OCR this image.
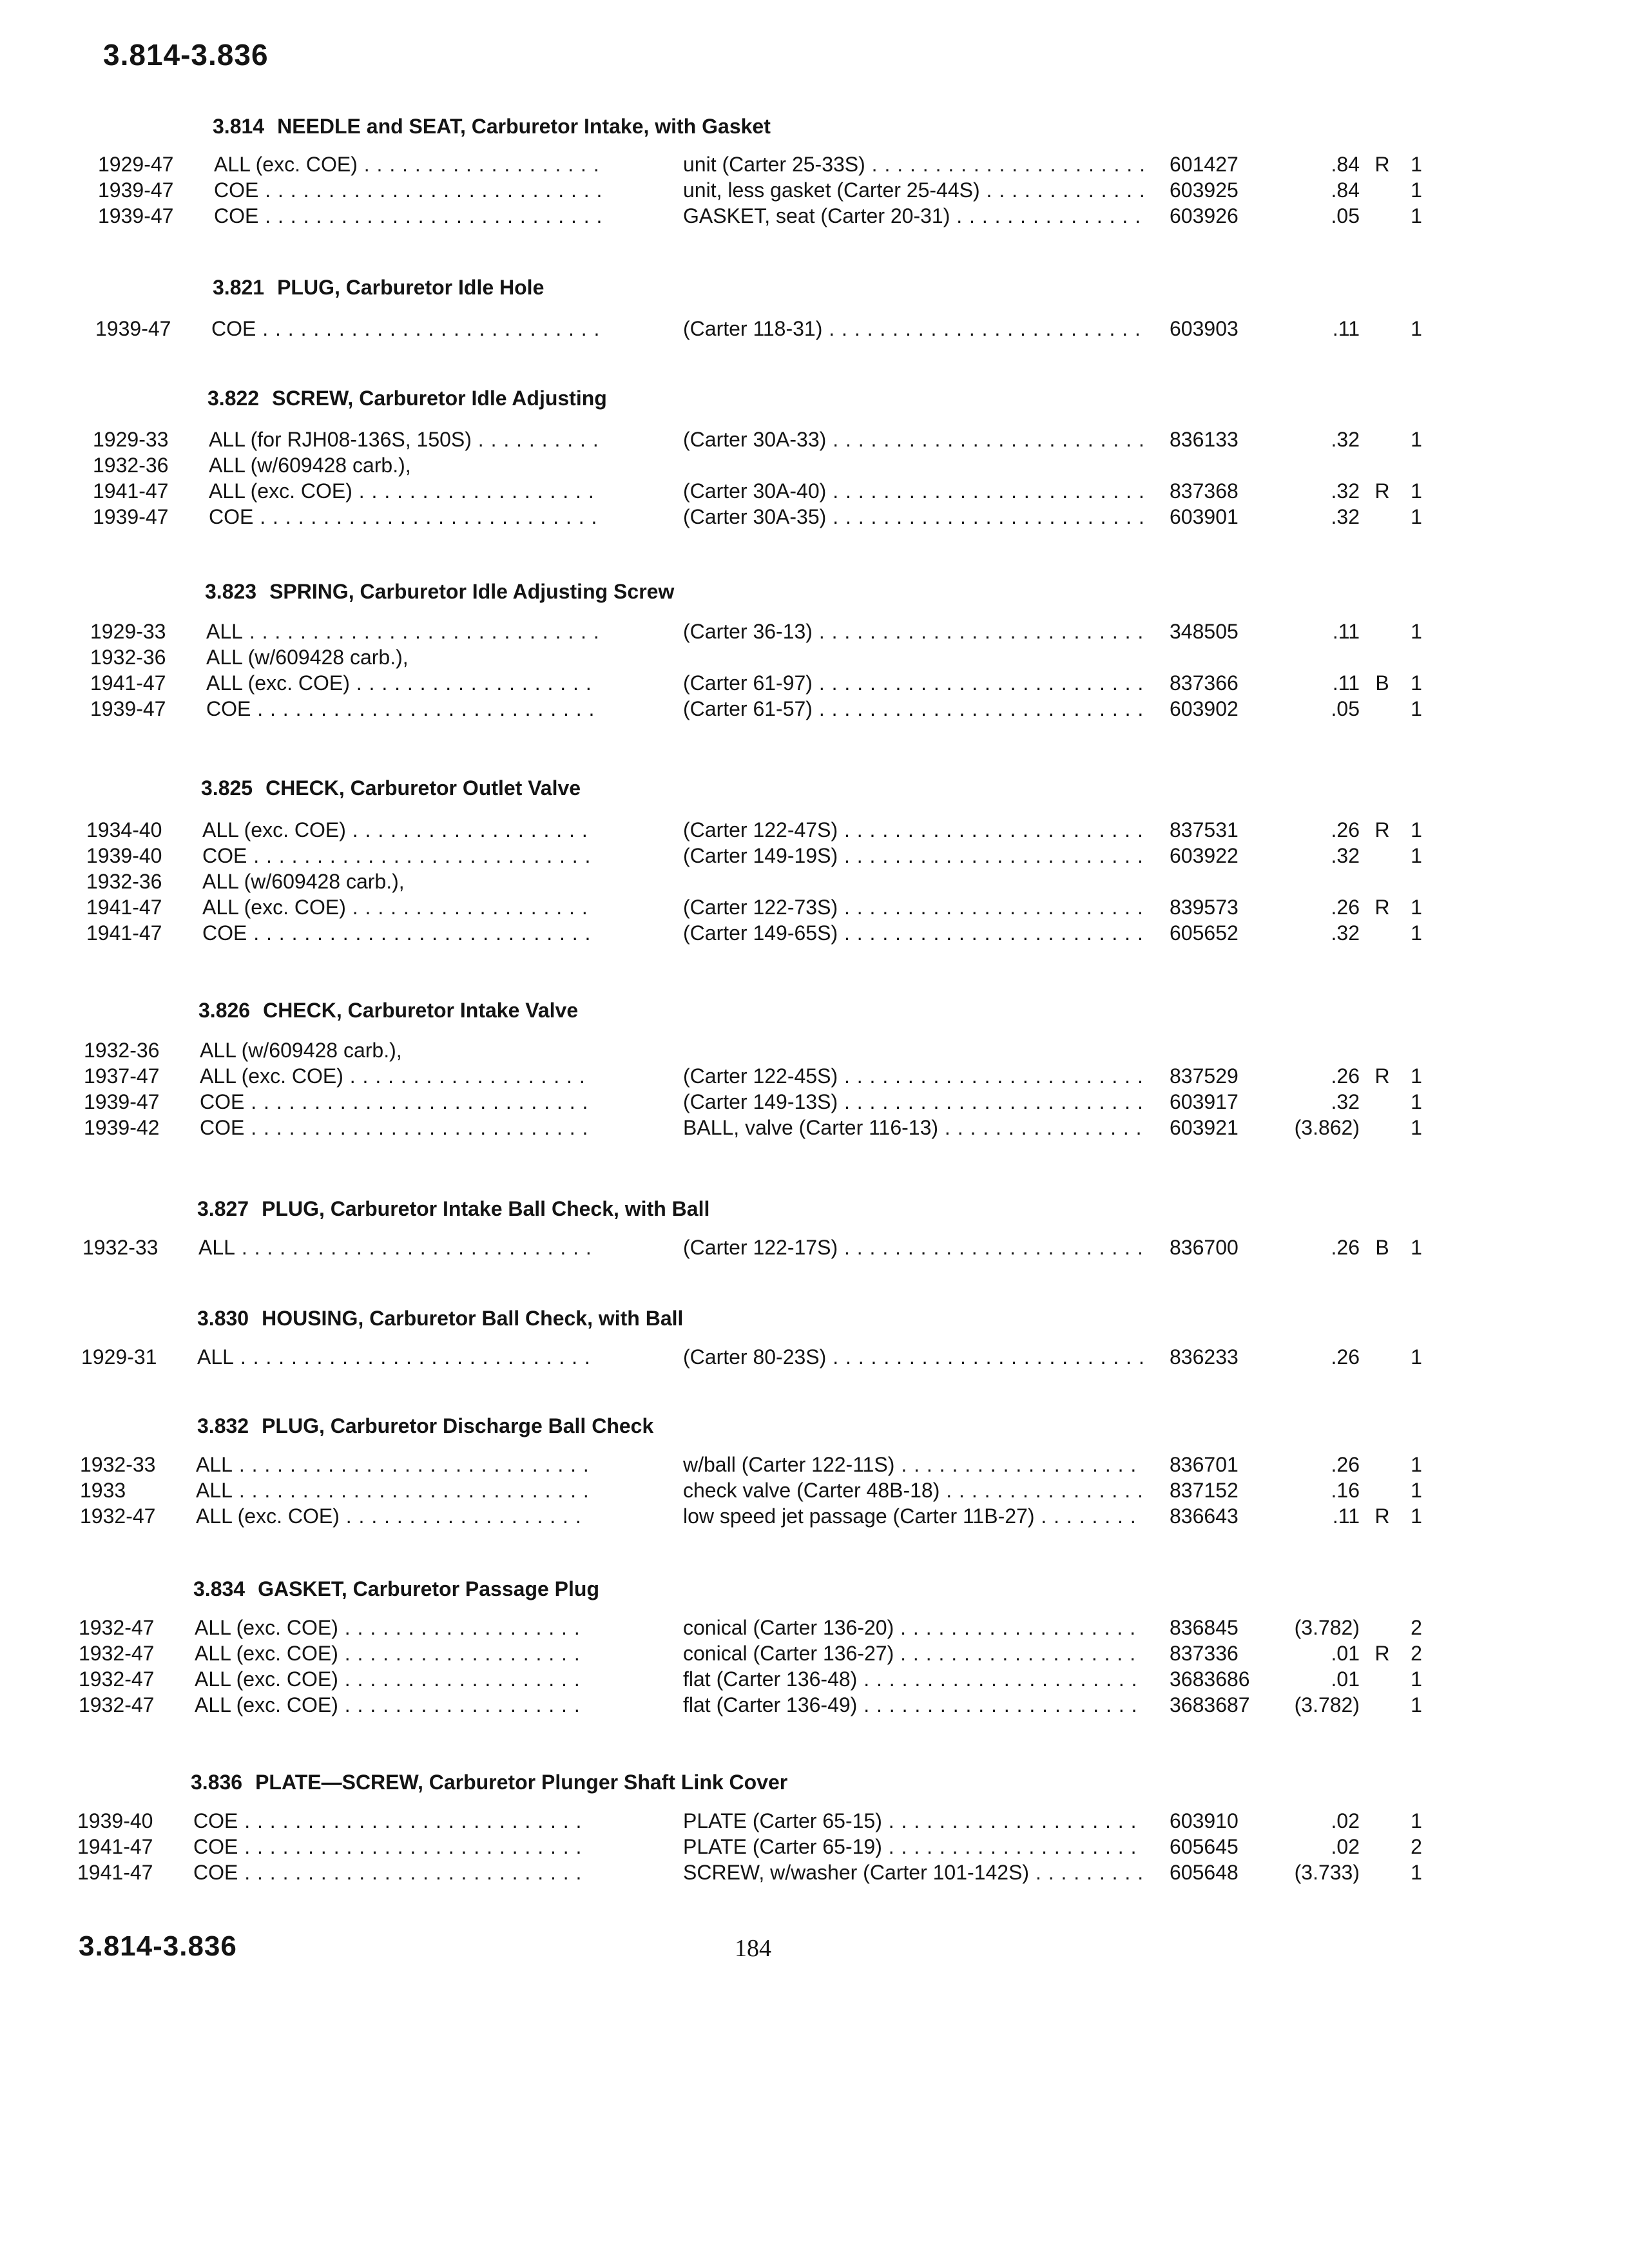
3.814-3.836
3.814 NEEDLE and SEAT, Carburetor Intake, with Gasket
1929-47 ALL (exc. COE) . . .	unit (Carter 25-33S) . . .	601427	.84 R	1
1939-47 COE . . .	unit, less gasket (Carter 25-44S) . . .	603925	.84	1
1939-47 COE . . .	GASKET, seat (Carter 20-31) . . .	603926	.05	1
3.821 PLUG, Carburetor Idle Hole
1939-47 COE . . .	(Carter 118-31) . . .	603903	.11	1
3.822 SCREW, Carburetor Idle Adjusting
1929-33 ALL (for RJH08-136S, 150S) . . .	(Carter 30A-33) . . .	836133	.32	1
1932-36 ALL (w/609428 carb.),
1941-47 ALL (exc. COE) . . .	(Carter 30A-40) . . .	837368	.32 R	1
1939-47 COE . . .	(Carter 30A-35) . . .	603901	.32	1
3.823 SPRING, Carburetor Idle Adjusting Screw
1929-33 ALL . . .	(Carter 36-13) . . .	348505	.11	1
1932-36 ALL (w/609428 carb.),
1941-47 ALL (exc. COE) . . .	(Carter 61-97) . . .	837366	.11 B	1
1939-47 COE . . .	(Carter 61-57) . . .	603902	.05	1
3.825 CHECK, Carburetor Outlet Valve
1934-40 ALL (exc. COE) . . .	(Carter 122-47S) . . .	837531	.26 R	1
1939-40 COE . . .	(Carter 149-19S) . . .	603922	.32	1
1932-36 ALL (w/609428 carb.),
1941-47 ALL (exc. COE) . . .	(Carter 122-73S) . . .	839573	.26 R	1
1941-47 COE . . .	(Carter 149-65S) . . .	605652	.32	1
3.826 CHECK, Carburetor Intake Valve
1932-36 ALL (w/609428 carb.),
1937-47 ALL (exc. COE) . . .	(Carter 122-45S) . . .	837529	.26 R	1
1939-47 COE . . .	(Carter 149-13S) . . .	603917	.32	1
1939-42 COE . . .	BALL, valve (Carter 116-13) . . .	603921	(3.862)	1
3.827 PLUG, Carburetor Intake Ball Check, with Ball
1932-33 ALL . . .	(Carter 122-17S) . . .	836700	.26 B	1
3.830 HOUSING, Carburetor Ball Check, with Ball
1929-31 ALL . . .	(Carter 80-23S) . . .	836233	.26	1
3.832 PLUG, Carburetor Discharge Ball Check
1932-33 ALL . . .	w/ball (Carter 122-11S) . . .	836701	.26	1
1933	ALL . . .	check valve (Carter 48B-18) . . .	837152	.16	1
1932-47 ALL (exc. COE) . . .	low speed jet passage (Carter 11B-27) . . .	836643	.11 R	1
3.834 GASKET, Carburetor Passage Plug
1932-47 ALL (exc. COE) . . .	conical (Carter 136-20) . . .	836845	(3.782)	2
1932-47 ALL (exc. COE) . . .	conical (Carter 136-27) . . .	837336	.01 R	2
1932-47 ALL (exc. COE) . . .	flat (Carter 136-48) . . .	3683686	.01	1
1932-47 ALL (exc. COE) . . .	flat (Carter 136-49) . . .	3683687	(3.782)	1
3.836 PLATE—SCREW, Carburetor Plunger Shaft Link Cover
1939-40 COE . . .	PLATE (Carter 65-15) . . .	603910	.02	1
1941-47 COE . . .	PLATE (Carter 65-19) . . .	605645	.02	2
1941-47 COE . . .	SCREW, w/washer (Carter 101-142S) . . .	605648	(3.733)	1
3.814-3.836	184
